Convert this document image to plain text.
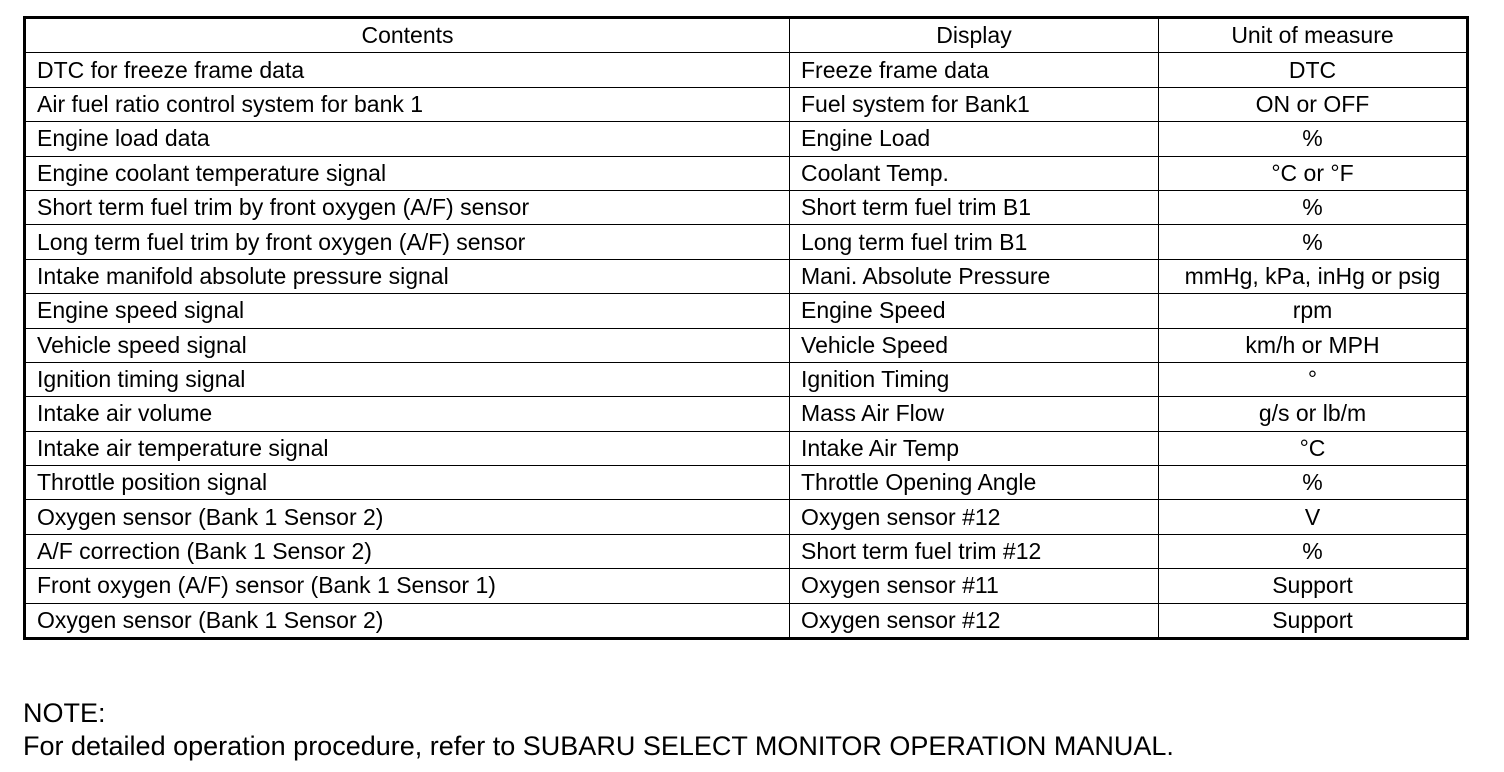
Contents	Display	Unit of measure
DTC for freeze frame data	Freeze frame data	DTC
Air fuel ratio control system for bank 1	Fuel system for Bank1	ON or OFF
Engine load data	Engine Load	%
Engine coolant temperature signal	Coolant Temp.	°C or °F
Short term fuel trim by front oxygen (A/F) sensor	Short term fuel trim B1	%
Long term fuel trim by front oxygen (A/F) sensor	Long term fuel trim B1	%
Intake manifold absolute pressure signal	Mani. Absolute Pressure	mmHg, kPa, inHg or psig
Engine speed signal	Engine Speed	rpm
Vehicle speed signal	Vehicle Speed	km/h or MPH
Ignition timing signal	Ignition Timing	°
Intake air volume	Mass Air Flow	g/s or lb/m
Intake air temperature signal	Intake Air Temp	°C
Throttle position signal	Throttle Opening Angle	%
Oxygen sensor (Bank 1 Sensor 2)	Oxygen sensor #12	V
A/F correction (Bank 1 Sensor 2)	Short term fuel trim #12	%
Front oxygen (A/F) sensor (Bank 1 Sensor 1)	Oxygen sensor #11	Support
Oxygen sensor (Bank 1 Sensor 2)	Oxygen sensor #12	Support
NOTE:
For detailed operation procedure, refer to SUBARU SELECT MONITOR OPERATION MANUAL.
